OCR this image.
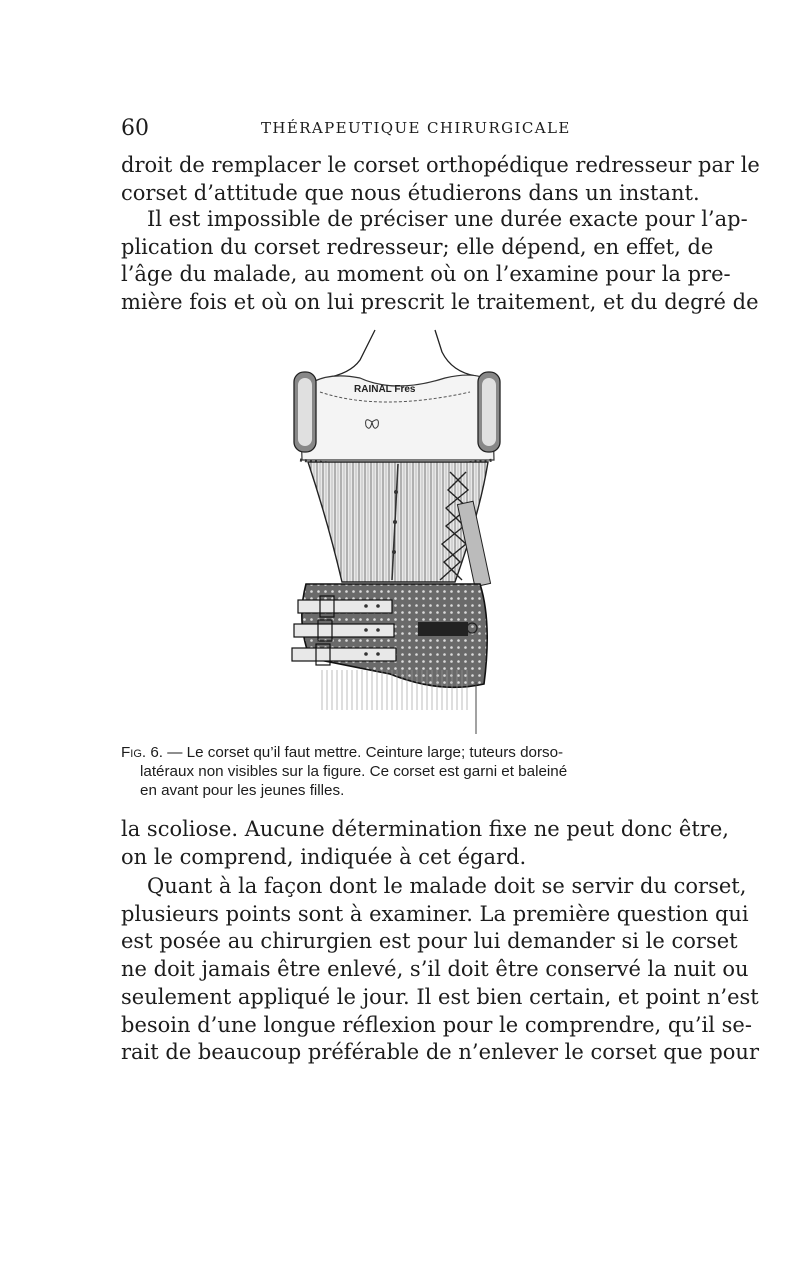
60	THÉRAPEUTIQUE CHIRURGICALE

droit de remplacer le corset orthopédique redresseur par le
corset d’attitude que nous étudierons dans un instant.

Il est impossible de préciser une durée exacte pour l’ap-
plication du corset redresseur; elle dépend, en effet, de
l’âge du malade, au moment où on l’examine pour la pre-
mière fois et où on lui prescrit le traitement, et du degré de

RAINAL Fres
Fig. 6. — Le corset qu’il faut mettre. Ceinture large; tuteurs dorso-
latéraux non visibles sur la figure. Ce corset est garni et baleiné
en avant pour les jeunes filles.

la scoliose. Aucune détermination fixe ne peut donc être,
on le comprend, indiquée à cet égard.

Quant à la façon dont le malade doit se servir du corset,
plusieurs points sont à examiner. La première question qui
est posée au chirurgien est pour lui demander si le corset
ne doit jamais être enlevé, s’il doit être conservé la nuit ou
seulement appliqué le jour. Il est bien certain, et point n’est
besoin d’une longue réflexion pour le comprendre, qu’il se-
rait de beaucoup préférable de n’enlever le corset que pour
